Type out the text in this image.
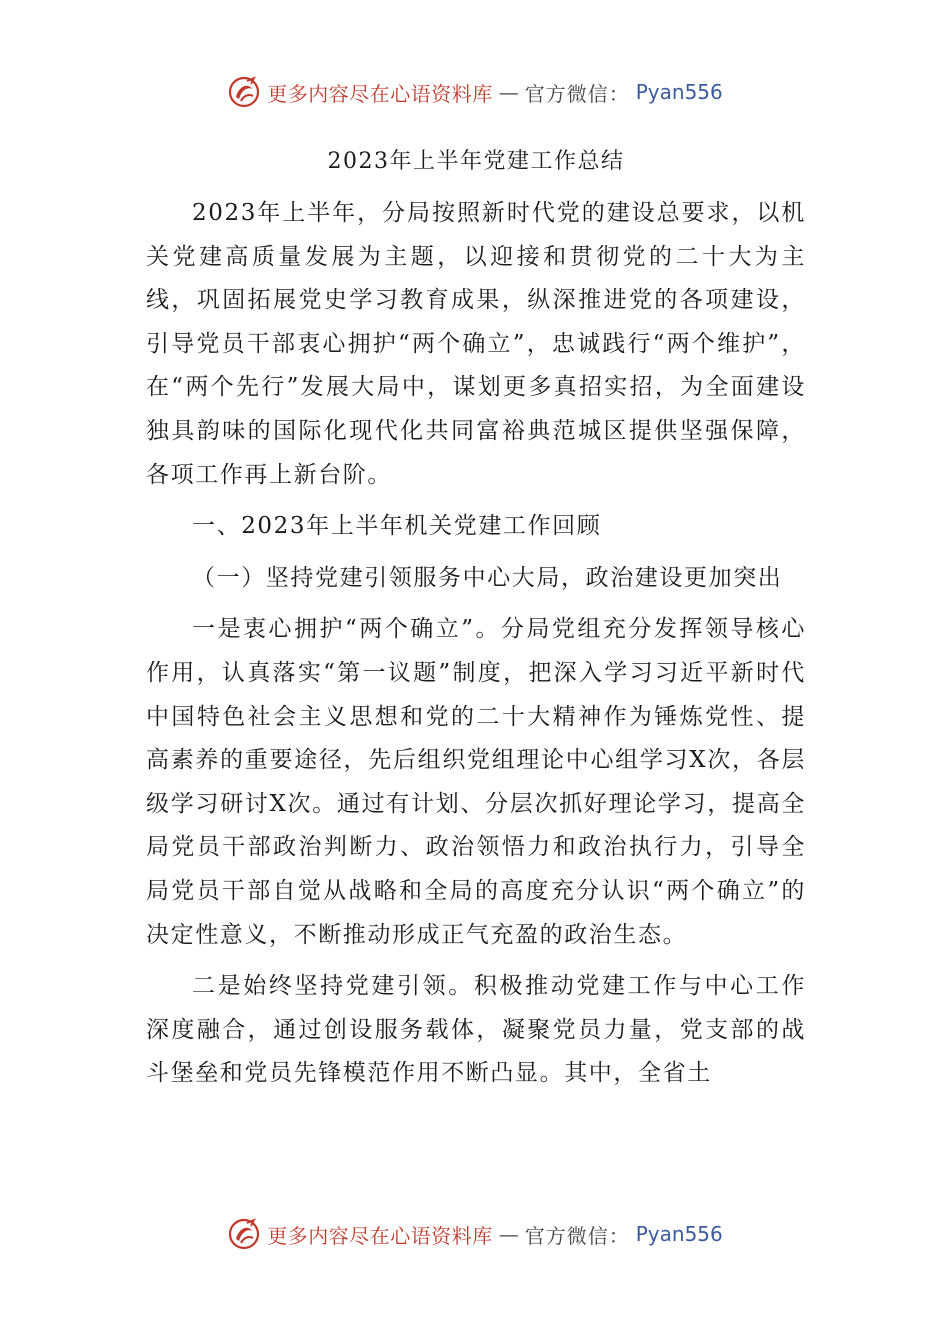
更多内容尽在心语资料库 — 官方微信： Pyan556
2023年上半年党建工作总结

2023年上半年，分局按照新时代党的建设总要求，以机关党建高质量发展为主题，以迎接和贯彻党的二十大为主线，巩固拓展党史学习教育成果，纵深推进党的各项建设，引导党员干部衷心拥护“两个确立”，忠诚践行“两个维护”，在“两个先行”发展大局中，谋划更多真招实招，为全面建设独具韵味的国际化现代化共同富裕典范城区提供坚强保障，各项工作再上新台阶。

一、2023年上半年机关党建工作回顾

（一）坚持党建引领服务中心大局，政治建设更加突出

一是衷心拥护“两个确立”。分局党组充分发挥领导核心作用，认真落实“第一议题”制度，把深入学习习近平新时代中国特色社会主义思想和党的二十大精神作为锤炼党性、提高素养的重要途径，先后组织党组理论中心组学习X次，各层级学习研讨X次。通过有计划、分层次抓好理论学习，提高全局党员干部政治判断力、政治领悟力和政治执行力，引导全局党员干部自觉从战略和全局的高度充分认识“两个确立”的决定性意义，不断推动形成正气充盈的政治生态。

二是始终坚持党建引领。积极推动党建工作与中心工作深度融合，通过创设服务载体，凝聚党员力量，党支部的战斗堡垒和党员先锋模范作用不断凸显。其中，全省土

更多内容尽在心语资料库 — 官方微信： Pyan556
